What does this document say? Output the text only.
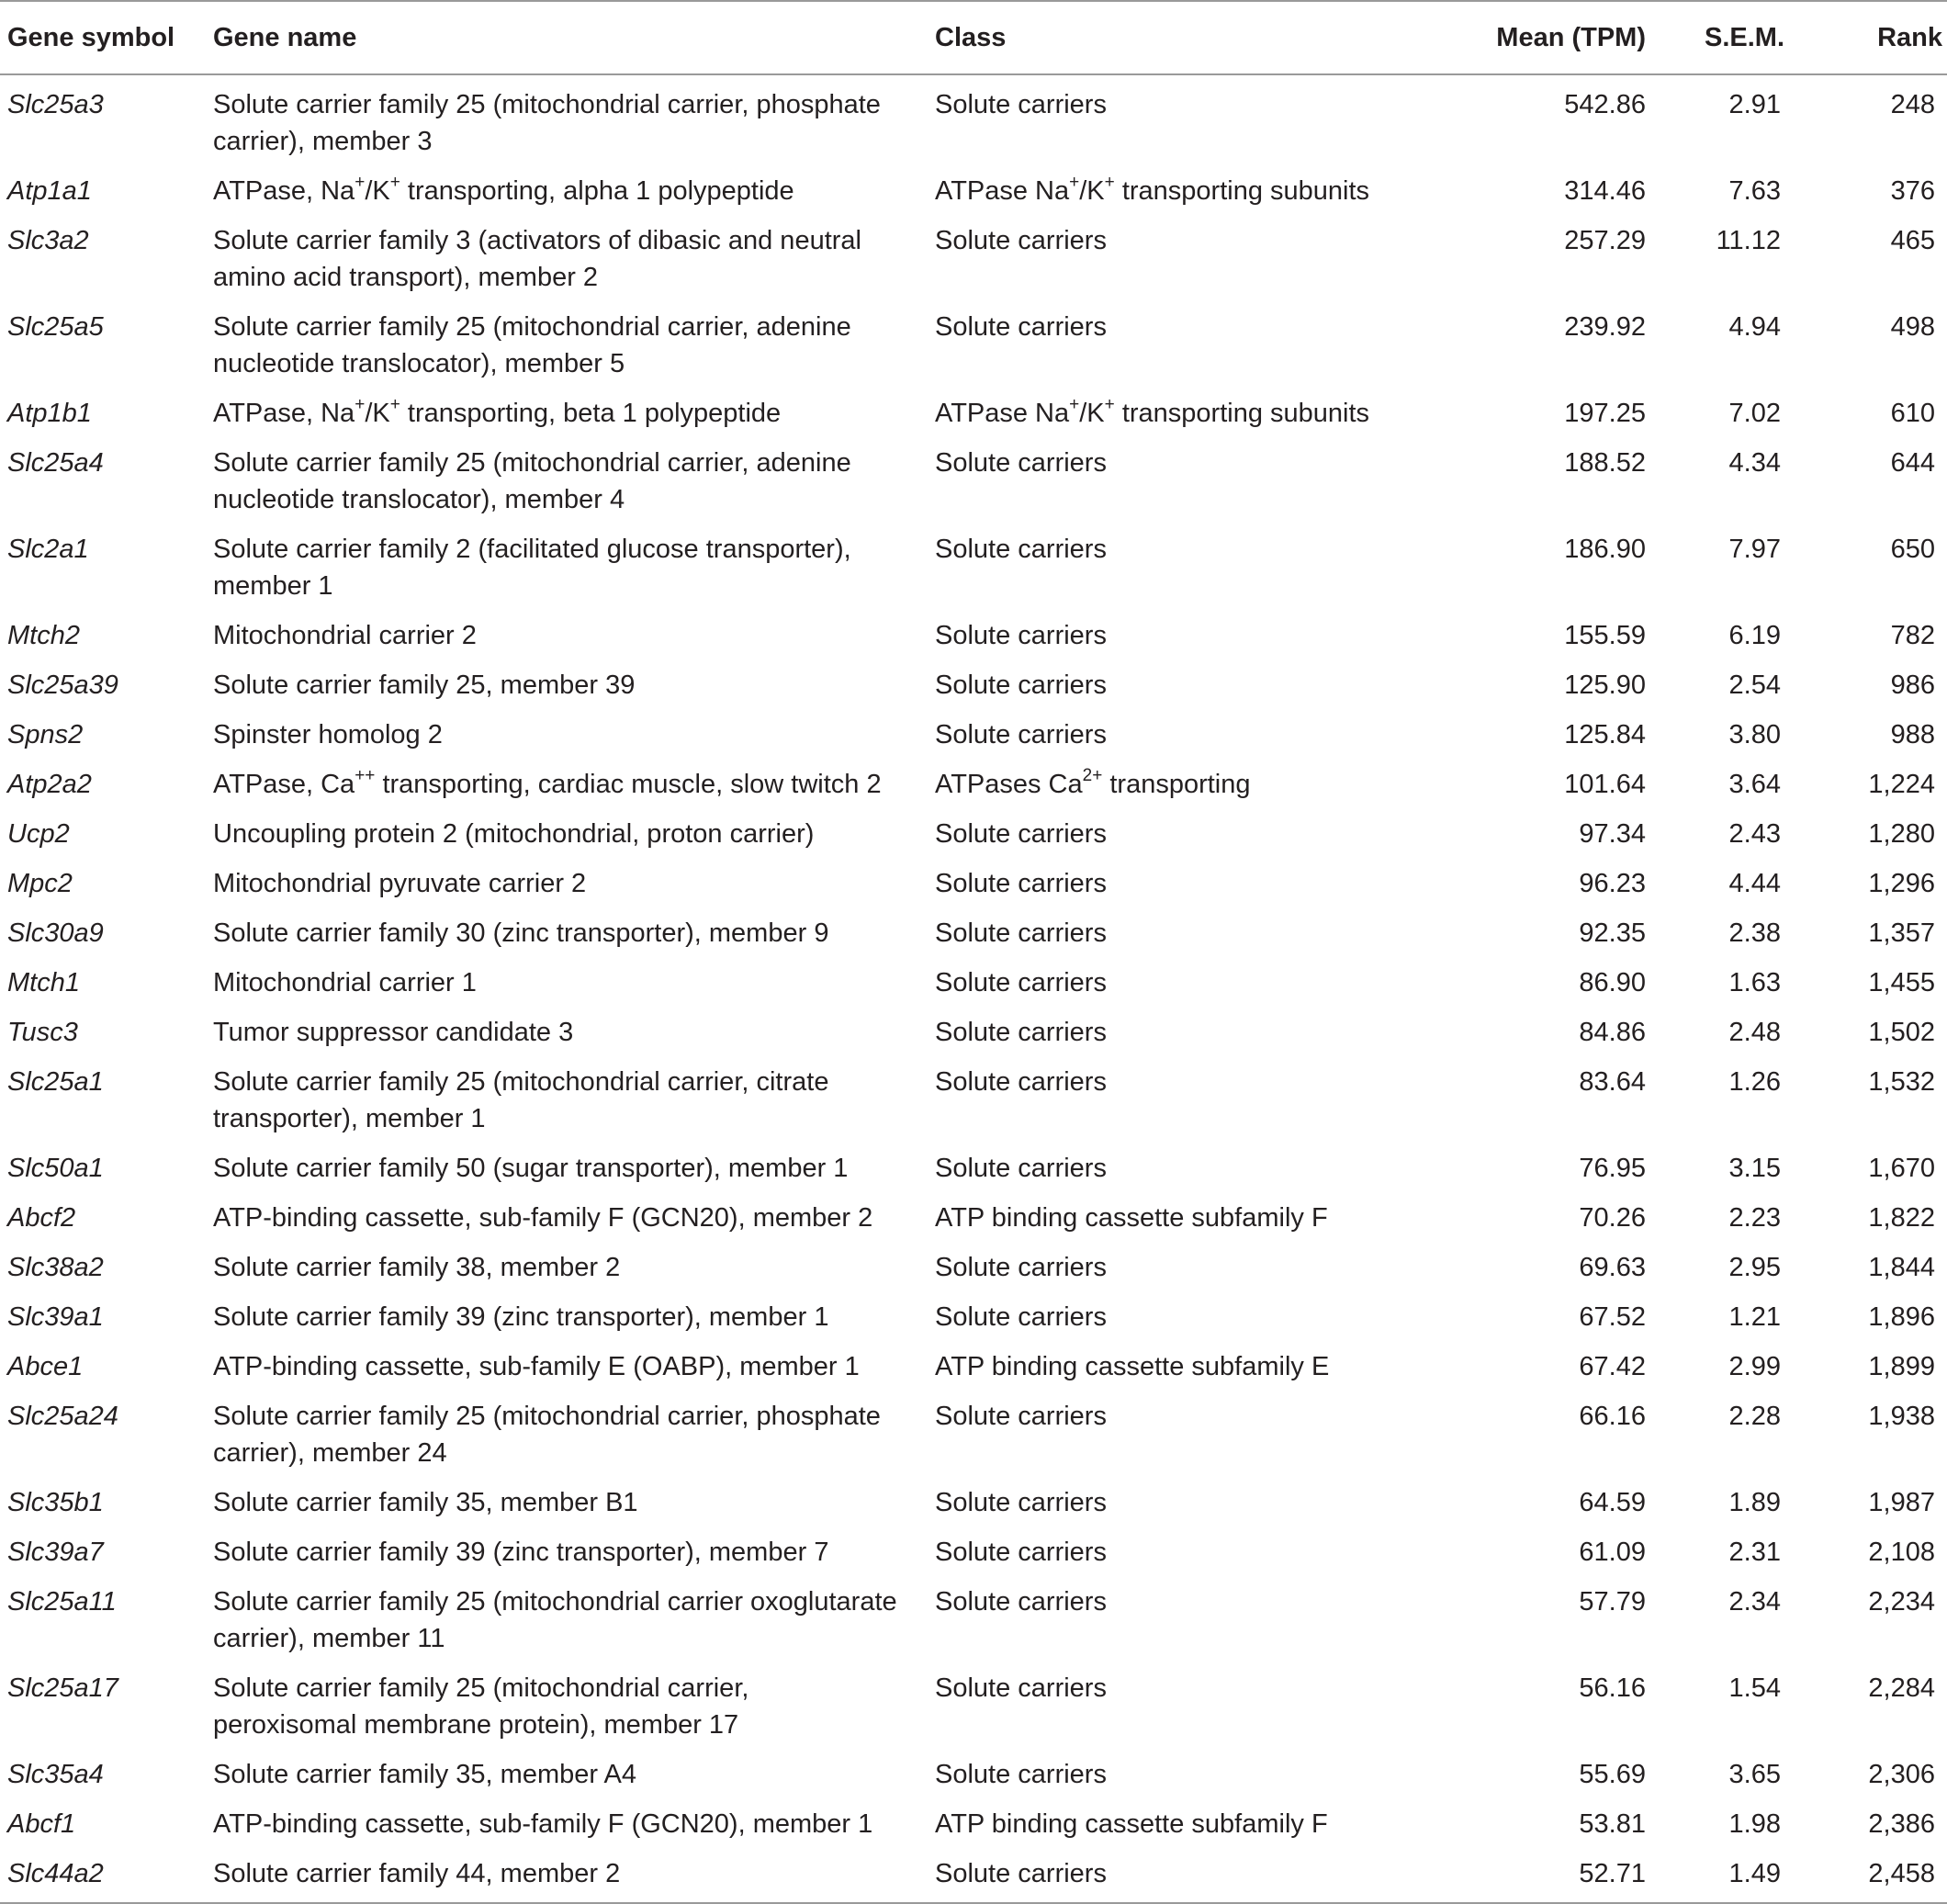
Gene symbol	Gene name	Class	Mean (TPM)	S.E.M.	Rank
Slc25a3	Solute carrier family 25 (mitochondrial carrier, phosphate carrier), member 3	Solute carriers	542.86	2.91	248
Atp1a1	ATPase, Na+/K+ transporting, alpha 1 polypeptide	ATPase Na+/K+ transporting subunits	314.46	7.63	376
Slc3a2	Solute carrier family 3 (activators of dibasic and neutral amino acid transport), member 2	Solute carriers	257.29	11.12	465
Slc25a5	Solute carrier family 25 (mitochondrial carrier, adenine nucleotide translocator), member 5	Solute carriers	239.92	4.94	498
Atp1b1	ATPase, Na+/K+ transporting, beta 1 polypeptide	ATPase Na+/K+ transporting subunits	197.25	7.02	610
Slc25a4	Solute carrier family 25 (mitochondrial carrier, adenine nucleotide translocator), member 4	Solute carriers	188.52	4.34	644
Slc2a1	Solute carrier family 2 (facilitated glucose transporter), member 1	Solute carriers	186.90	7.97	650
Mtch2	Mitochondrial carrier 2	Solute carriers	155.59	6.19	782
Slc25a39	Solute carrier family 25, member 39	Solute carriers	125.90	2.54	986
Spns2	Spinster homolog 2	Solute carriers	125.84	3.80	988
Atp2a2	ATPase, Ca++ transporting, cardiac muscle, slow twitch 2	ATPases $Ca^{2+}$ transporting	101.64	3.64	1,224
Ucp2	Uncoupling protein 2 (mitochondrial, proton carrier)	Solute carriers	97.34	2.43	1,280
Mpc2	Mitochondrial pyruvate carrier 2	Solute carriers	96.23	4.44	1,296
Slc30a9	Solute carrier family 30 (zinc transporter), member 9	Solute carriers	92.35	2.38	1,357
Mtch1	Mitochondrial carrier 1	Solute carriers	86.90	1.63	1,455
Tusc3	Tumor suppressor candidate 3	Solute carriers	84.86	2.48	1,502
Slc25a1	Solute carrier family 25 (mitochondrial carrier, citrate transporter), member 1	Solute carriers	83.64	1.26	1,532
Slc50a1	Solute carrier family 50 (sugar transporter), member 1	Solute carriers	76.95	3.15	1,670
Abcf2	ATP-binding cassette, sub-family F (GCN20), member 2	ATP binding cassette subfamily F	70.26	2.23	1,822
Slc38a2	Solute carrier family 38, member 2	Solute carriers	69.63	2.95	1,844
Slc39a1	Solute carrier family 39 (zinc transporter), member 1	Solute carriers	67.52	1.21	1,896
Abce1	ATP-binding cassette, sub-family E (OABP), member 1	ATP binding cassette subfamily E	67.42	2.99	1,899
Slc25a24	Solute carrier family 25 (mitochondrial carrier, phosphate carrier), member 24	Solute carriers	66.16	2.28	1,938
Slc35b1	Solute carrier family 35, member B1	Solute carriers	64.59	1.89	1,987
Slc39a7	Solute carrier family 39 (zinc transporter), member 7	Solute carriers	61.09	2.31	2,108
Slc25a11	Solute carrier family 25 (mitochondrial carrier oxoglutarate carrier), member 11	Solute carriers	57.79	2.34	2,234
Slc25a17	Solute carrier family 25 (mitochondrial carrier, peroxisomal membrane protein), member 17	Solute carriers	56.16	1.54	2,284
Slc35a4	Solute carrier family 35, member A4	Solute carriers	55.69	3.65	2,306
Abcf1	ATP-binding cassette, sub-family F (GCN20), member 1	ATP binding cassette subfamily F	53.81	1.98	2,386
Slc44a2	Solute carrier family 44, member 2	Solute carriers	52.71	1.49	2,458
